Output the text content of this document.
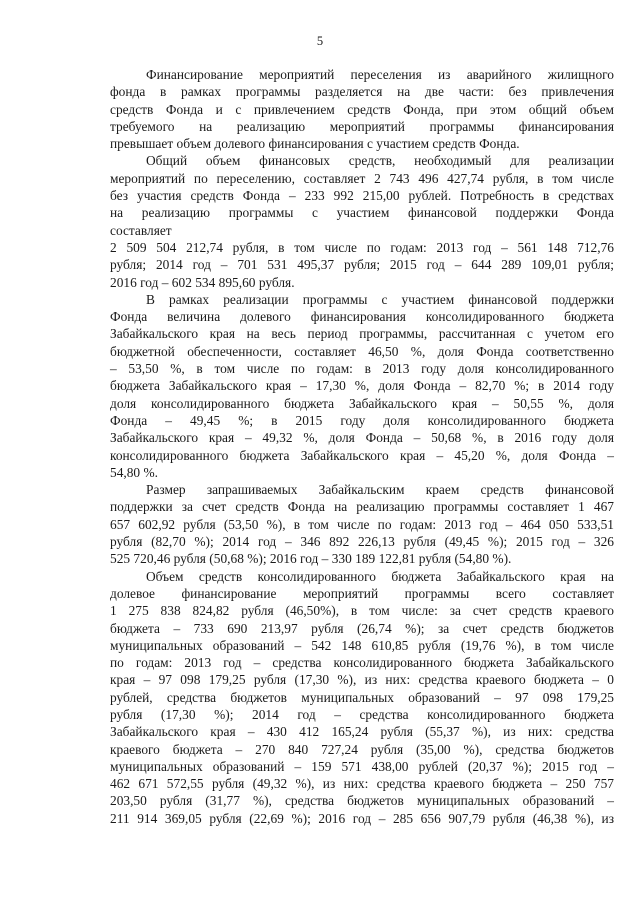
5
Финансирование мероприятий переселения из аварийного жилищного
фонда в рамках программы разделяется на две части: без привлечения
средств Фонда и с привлечением средств Фонда, при этом общий объем
требуемого на реализацию мероприятий программы финансирования
превышает объем долевого финансирования с участием средств Фонда.
Общий объем финансовых средств, необходимый для реализации
мероприятий по переселению, составляет 2 743 496 427,74 рубля, в том числе
без участия средств Фонда – 233 992 215,00 рублей. Потребность в средствах
на реализацию программы с участием финансовой поддержки Фонда
составляет
2 509 504 212,74 рубля, в том числе по годам: 2013 год – 561 148 712,76
рубля; 2014 год – 701 531 495,37 рубля; 2015 год – 644 289 109,01 рубля;
2016 год – 602 534 895,60 рубля.
В рамках реализации программы с участием финансовой поддержки
Фонда величина долевого финансирования консолидированного бюджета
Забайкальского края на весь период программы, рассчитанная с учетом его
бюджетной обеспеченности, составляет 46,50 %, доля Фонда соответственно
– 53,50 %, в том числе по годам: в 2013 году доля консолидированного
бюджета Забайкальского края – 17,30 %, доля Фонда – 82,70 %; в 2014 году
доля консолидированного бюджета Забайкальского края – 50,55 %, доля
Фонда – 49,45 %; в 2015 году доля консолидированного бюджета
Забайкальского края – 49,32 %, доля Фонда – 50,68 %, в 2016 году доля
консолидированного бюджета Забайкальского края – 45,20 %, доля Фонда –
54,80 %.
Размер запрашиваемых Забайкальским краем средств финансовой
поддержки за счет средств Фонда на реализацию программы составляет 1 467
657 602,92 рубля (53,50 %), в том числе по годам: 2013 год – 464 050 533,51
рубля (82,70 %); 2014 год – 346 892 226,13 рубля (49,45 %); 2015 год – 326
525 720,46 рубля (50,68 %); 2016 год – 330 189 122,81 рубля (54,80 %).
Объем средств консолидированного бюджета Забайкальского края на
долевое финансирование мероприятий программы всего составляет
1 275 838 824,82 рубля (46,50%), в том числе: за счет средств краевого
бюджета – 733 690 213,97 рубля (26,74 %); за счет средств бюджетов
муниципальных образований – 542 148 610,85 рубля (19,76 %), в том числе
по годам: 2013 год – средства консолидированного бюджета Забайкальского
края – 97 098 179,25 рубля (17,30 %), из них: средства краевого бюджета – 0
рублей, средства бюджетов муниципальных образований – 97 098 179,25
рубля (17,30 %); 2014 год – средства консолидированного бюджета
Забайкальского края – 430 412 165,24 рубля (55,37 %), из них: средства
краевого бюджета – 270 840 727,24 рубля (35,00 %), средства бюджетов
муниципальных образований – 159 571 438,00 рублей (20,37 %); 2015 год –
462 671 572,55 рубля (49,32 %), из них: средства краевого бюджета – 250 757
203,50 рубля (31,77 %), средства бюджетов муниципальных образований –
211 914 369,05 рубля (22,69 %); 2016 год – 285 656 907,79 рубля (46,38 %), из
